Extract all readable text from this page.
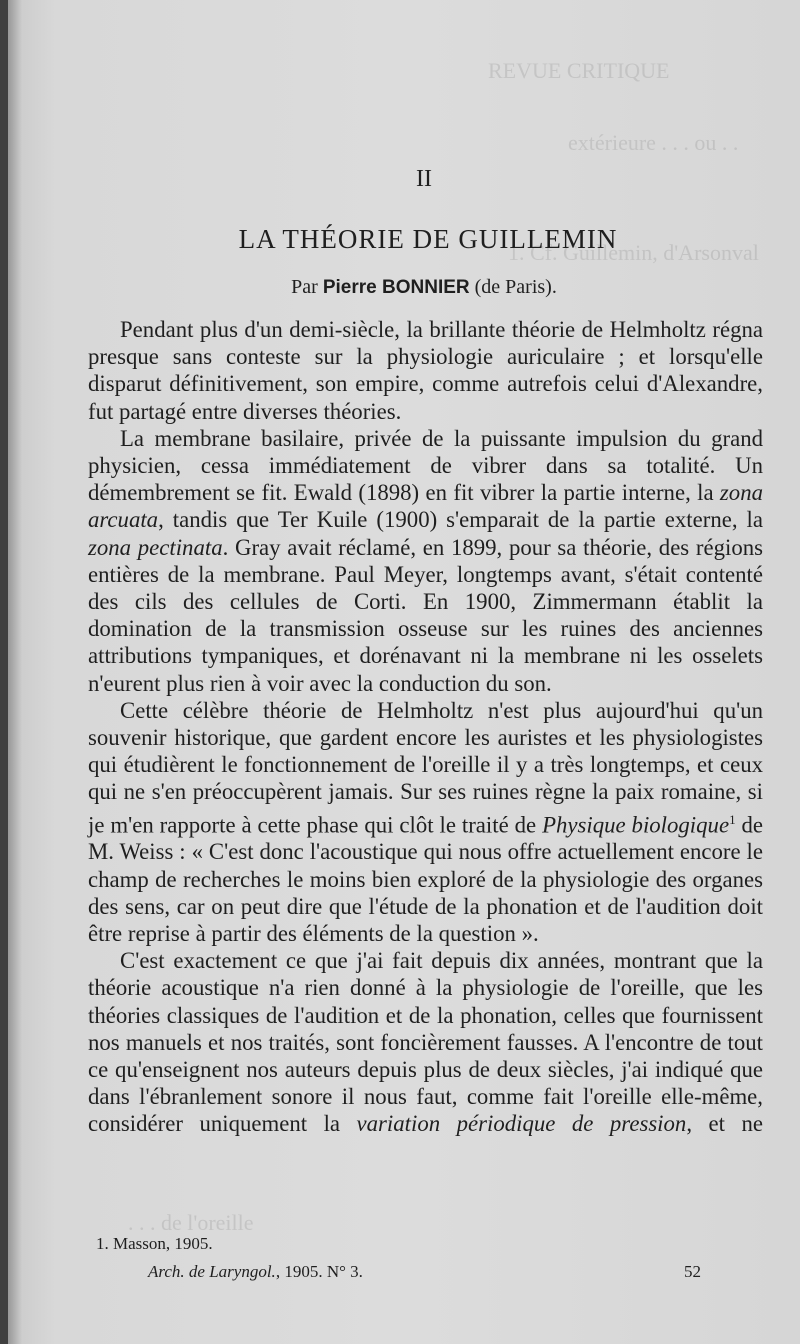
REVUE CRITIQUE
extérieure . . . ou . .
1. Cf. Guillemin, d'Arsonval
. . . de l'oreille
II
LA THÉORIE DE GUILLEMIN
Par Pierre BONNIER (de Paris).

Pendant plus d'un demi-siècle, la brillante théorie de Helmholtz régna presque sans conteste sur la physiologie auriculaire ; et lorsqu'elle disparut définitivement, son empire, comme autrefois celui d'Alexandre, fut partagé entre diverses théories.

La membrane basilaire, privée de la puissante impulsion du grand physicien, cessa immédiatement de vibrer dans sa totalité. Un démembrement se fit. Ewald (1898) en fit vibrer la partie interne, la zona arcuata, tandis que Ter Kuile (1900) s'emparait de la partie externe, la zona pectinata. Gray avait réclamé, en 1899, pour sa théorie, des régions entières de la membrane. Paul Meyer, longtemps avant, s'était contenté des cils des cellules de Corti. En 1900, Zimmermann établit la domination de la transmission osseuse sur les ruines des anciennes attributions tympaniques, et dorénavant ni la membrane ni les osselets n'eurent plus rien à voir avec la conduction du son.

Cette célèbre théorie de Helmholtz n'est plus aujourd'hui qu'un souvenir historique, que gardent encore les auristes et les physiologistes qui étudièrent le fonctionnement de l'oreille il y a très longtemps, et ceux qui ne s'en préoccupèrent jamais. Sur ses ruines règne la paix romaine, si je m'en rapporte à cette phase qui clôt le traité de Physique biologique$^1$ de M. Weiss : « C'est donc l'acoustique qui nous offre actuellement encore le champ de recherches le moins bien exploré de la physiologie des organes des sens, car on peut dire que l'étude de la phonation et de l'audition doit être reprise à partir des éléments de la question ».

C'est exactement ce que j'ai fait depuis dix années, montrant que la théorie acoustique n'a rien donné à la physiologie de l'oreille, que les théories classiques de l'audition et de la phonation, celles que fournissent nos manuels et nos traités, sont foncièrement fausses. A l'encontre de tout ce qu'enseignent nos auteurs depuis plus de deux siècles, j'ai indiqué que dans l'ébranlement sonore il nous faut, comme fait l'oreille elle-même, considérer uniquement la variation périodique de pression, et ne

1. Masson, 1905.
Arch. de Laryngol., 1905. N° 3.	52
